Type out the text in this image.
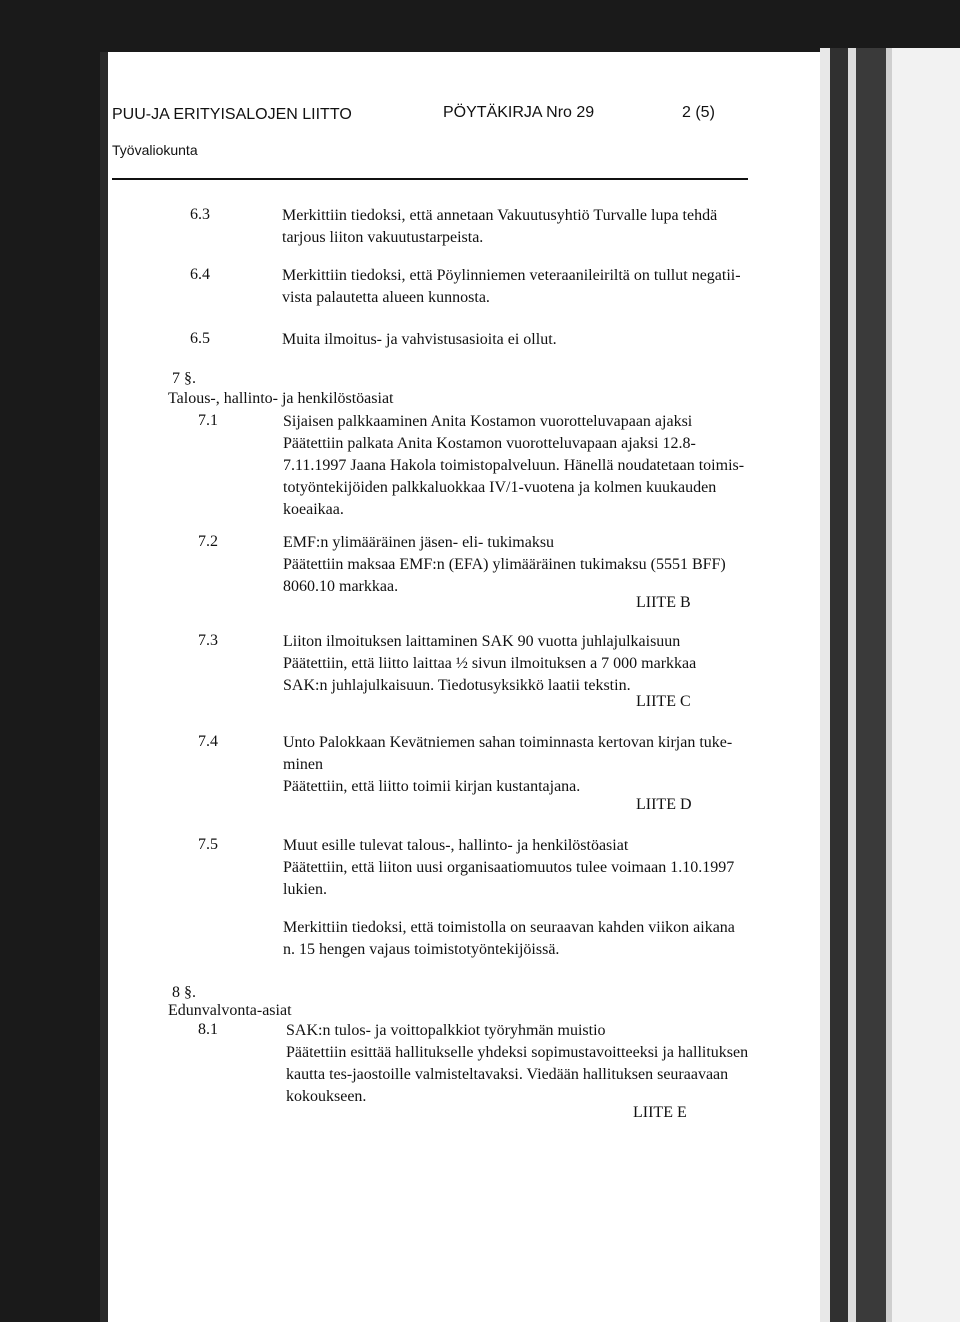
PUU-JA ERITYISALOJEN LIITTO	PÖYTÄKIRJA Nro 29	2 (5)
Työvaliokunta
6.3	Merkittiin tiedoksi, että annetaan Vakuutusyhtiö Turvalle lupa tehdä
tarjous liiton vakuutustarpeista.
6.4	Merkittiin tiedoksi, että Pöylinniemen veteraanileiriltä on tullut negatii-
vista palautetta alueen kunnosta.
6.5	Muita ilmoitus- ja vahvistusasioita ei ollut.
7 §.
Talous-, hallinto- ja henkilöstöasiat
7.1	Sijaisen palkkaaminen Anita Kostamon vuorotteluvapaan ajaksi
Päätettiin palkata Anita Kostamon vuorotteluvapaan ajaksi 12.8-
7.11.1997 Jaana Hakola toimistopalveluun. Hänellä noudatetaan toimis-
totyöntekijöiden palkkaluokkaa IV/1-vuotena ja kolmen kuukauden
koeaikaa.
7.2	EMF:n ylimääräinen jäsen- eli- tukimaksu
Päätettiin maksaa EMF:n (EFA) ylimääräinen tukimaksu (5551 BFF)
8060.10 markkaa.
LIITE B
7.3	Liiton ilmoituksen laittaminen SAK 90 vuotta juhlajulkaisuun
Päätettiin, että liitto laittaa ½ sivun ilmoituksen a 7 000 markkaa
SAK:n juhlajulkaisuun. Tiedotusyksikkö laatii tekstin.
LIITE C
7.4	Unto Palokkaan Kevätniemen sahan toiminnasta kertovan kirjan tuke-
minen
Päätettiin, että liitto toimii kirjan kustantajana.
LIITE D
7.5	Muut esille tulevat talous-, hallinto- ja henkilöstöasiat
Päätettiin, että liiton uusi organisaatiomuutos tulee voimaan 1.10.1997
lukien.
Merkittiin tiedoksi, että toimistolla on seuraavan kahden viikon aikana
n. 15 hengen vajaus toimistotyöntekijöissä.
8 §.
Edunvalvonta-asiat
8.1	SAK:n tulos- ja voittopalkkiot työryhmän muistio
Päätettiin esittää hallitukselle yhdeksi sopimustavoitteeksi ja hallituksen
kautta tes-jaostoille valmisteltavaksi. Viedään hallituksen seuraavaan
kokoukseen.
LIITE E
